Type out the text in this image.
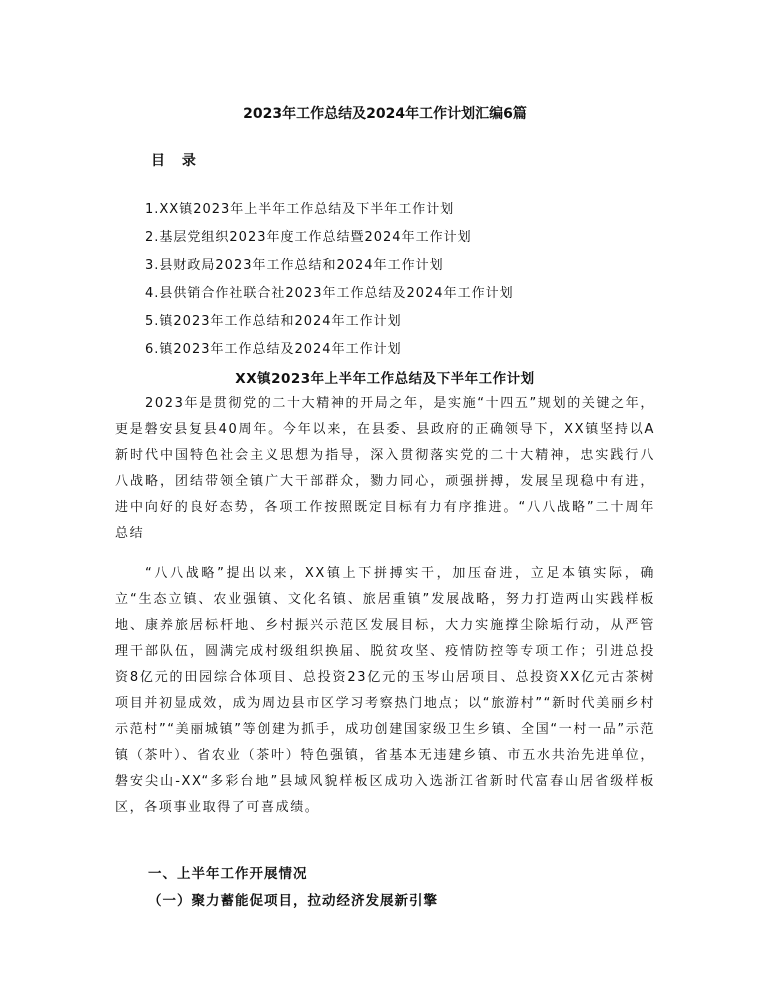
2023年工作总结及2024年工作计划汇编6篇
目 录
1.XX镇2023年上半年工作总结及下半年工作计划
2.基层党组织2023年度工作总结暨2024年工作计划
3.县财政局2023年工作总结和2024年工作计划
4.县供销合作社联合社2023年工作总结及2024年工作计划
5.镇2023年工作总结和2024年工作计划
6.镇2023年工作总结及2024年工作计划
XX镇2023年上半年工作总结及下半年工作计划

2023年是贯彻党的二十大精神的开局之年，是实施“十四五”规划的关键之年，更是磐安县复县40周年。今年以来，在县委、县政府的正确领导下，XX镇坚持以A新时代中国特色社会主义思想为指导，深入贯彻落实党的二十大精神，忠实践行八八战略，团结带领全镇广大干部群众，勠力同心，顽强拼搏，发展呈现稳中有进，进中向好的良好态势，各项工作按照既定目标有力有序推进。“八八战略”二十周年总结

“八八战略”提出以来，XX镇上下拼搏实干，加压奋进，立足本镇实际，确立“生态立镇、农业强镇、文化名镇、旅居重镇”发展战略，努力打造两山实践样板地、康养旅居标杆地、乡村振兴示范区发展目标，大力实施撑尘除垢行动，从严管理干部队伍，圆满完成村级组织换届、脱贫攻坚、疫情防控等专项工作；引进总投资8亿元的田园综合体项目、总投资23亿元的玉岑山居项目、总投资XX亿元古茶树项目并初显成效，成为周边县市区学习考察热门地点；以“旅游村”“新时代美丽乡村示范村”“美丽城镇”等创建为抓手，成功创建国家级卫生乡镇、全国“一村一品”示范镇（茶叶）、省农业（茶叶）特色强镇，省基本无违建乡镇、市五水共治先进单位，磐安尖山-XX“多彩台地”县域风貌样板区成功入选浙江省新时代富春山居省级样板区，各项事业取得了可喜成绩。

一、上半年工作开展情况
（一）聚力蓄能促项目，拉动经济发展新引擎
